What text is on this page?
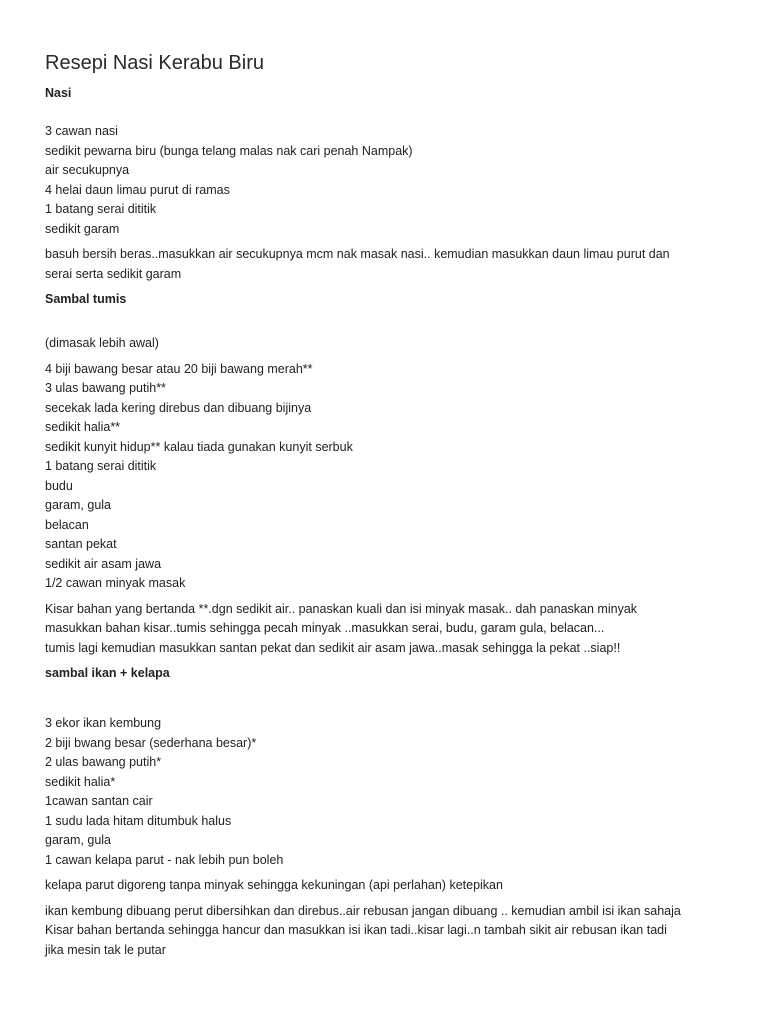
Resepi Nasi Kerabu Biru
Nasi

3 cawan nasi

sedikit pewarna biru (bunga telang malas nak cari penah Nampak)

air secukupnya

4 helai daun limau purut di ramas

1 batang serai dititik

sedikit garam

basuh bersih beras..masukkan air secukupnya mcm nak masak nasi.. kemudian masukkan daun limau purut dan

serai serta sedikit garam

Sambal tumis

(dimasak lebih awal)

4 biji bawang besar atau 20 biji bawang merah**

3 ulas bawang putih**

secekak lada kering direbus dan dibuang bijinya

sedikit halia**

sedikit kunyit hidup** kalau tiada gunakan kunyit serbuk

1 batang serai dititik

budu

garam, gula

belacan

santan pekat

sedikit air asam jawa

1/2 cawan minyak masak

Kisar bahan yang bertanda **.dgn sedikit air.. panaskan kuali dan isi minyak masak.. dah panaskan minyak

masukkan bahan kisar..tumis sehingga pecah minyak ..masukkan serai, budu, garam gula, belacan...

tumis lagi kemudian masukkan santan pekat dan sedikit air asam jawa..masak sehingga la pekat ..siap!!

sambal ikan + kelapa

3 ekor ikan kembung

2 biji bwang besar (sederhana besar)*

2 ulas bawang putih*

sedikit halia*

1cawan santan cair

1 sudu lada hitam ditumbuk halus

garam, gula

1 cawan kelapa parut - nak lebih pun boleh

kelapa parut digoreng tanpa minyak sehingga kekuningan (api perlahan) ketepikan

ikan kembung dibuang perut dibersihkan dan direbus..air rebusan jangan dibuang .. kemudian ambil isi ikan sahaja

Kisar bahan bertanda sehingga hancur dan masukkan isi ikan tadi..kisar lagi..n tambah sikit air rebusan ikan tadi

jika mesin tak le putar
